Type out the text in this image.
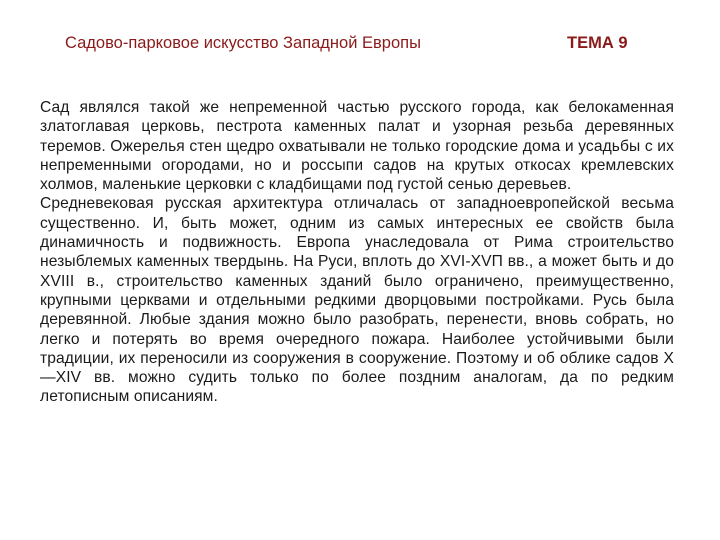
Садово-парковое искусство Западной Европы	ТЕМА 9

Сад являлся такой же непременной частью русского города, как белокаменная златоглавая церковь, пестрота каменных палат и узорная резьба деревянных теремов. Ожерелья стен щедро охватывали не только городские дома и усадьбы с их непременными огородами, но и россыпи садов на крутых откосах кремлевских холмов, маленькие церковки с кладбищами под густой сенью деревьев.

Средневековая русская архитектура отличалась от западноевропейской весьма существенно. И, быть может, одним из самых интересных ее свойств была динамичность и подвижность. Европа унаследовала от Рима строительство незыблемых каменных твердынь. На Руси, вплоть до XVI-XVП вв., а может быть и до XVIII в., строительство каменных зданий было ограничено, преимущественно, крупными церквами и отдельными редкими дворцовыми постройками. Русь была деревянной. Любые здания можно было разобрать, перенести, вновь собрать, но легко и потерять во время очередного пожара. Наиболее устойчивыми были традиции, их переносили из сооружения в сооружение. Поэтому и об облике садов X—XIV вв. можно судить только по более поздним аналогам, да по редким летописным описаниям.
